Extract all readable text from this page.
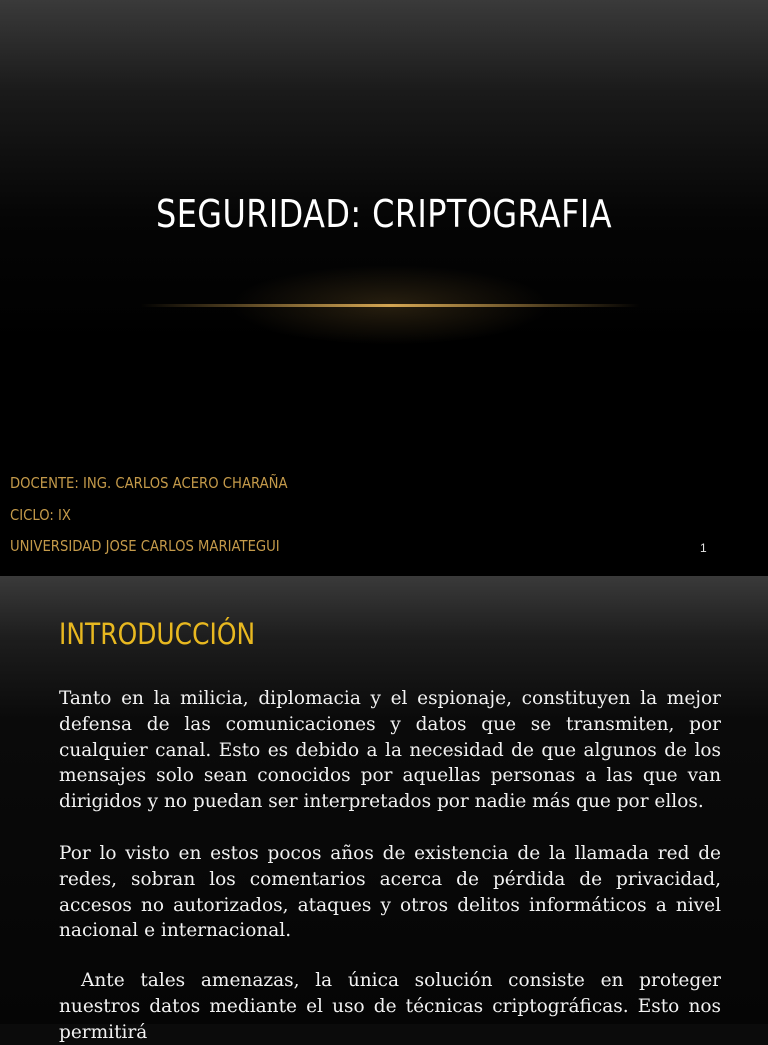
SEGURIDAD: CRIPTOGRAFIA
DOCENTE: ING. CARLOS ACERO CHARAÑA
CICLO: IX
UNIVERSIDAD JOSE CARLOS MARIATEGUI	1
INTRODUCCIÓN

Tanto en la milicia, diplomacia y el espionaje, constituyen la mejor defensa de las comunicaciones y datos que se transmiten, por cualquier canal. Esto es debido a la necesidad de que algunos de los mensajes solo sean conocidos por aquellas personas a las que van dirigidos y no puedan ser interpretados por nadie más que por ellos.

Por lo visto en estos pocos años de existencia de la llamada red de redes, sobran los comentarios acerca de pérdida de privacidad, accesos no autorizados, ataques y otros delitos informáticos a nivel nacional e internacional.

Ante tales amenazas, la única solución consiste en proteger nuestros datos mediante el uso de técnicas criptográficas. Esto nos permitirá
